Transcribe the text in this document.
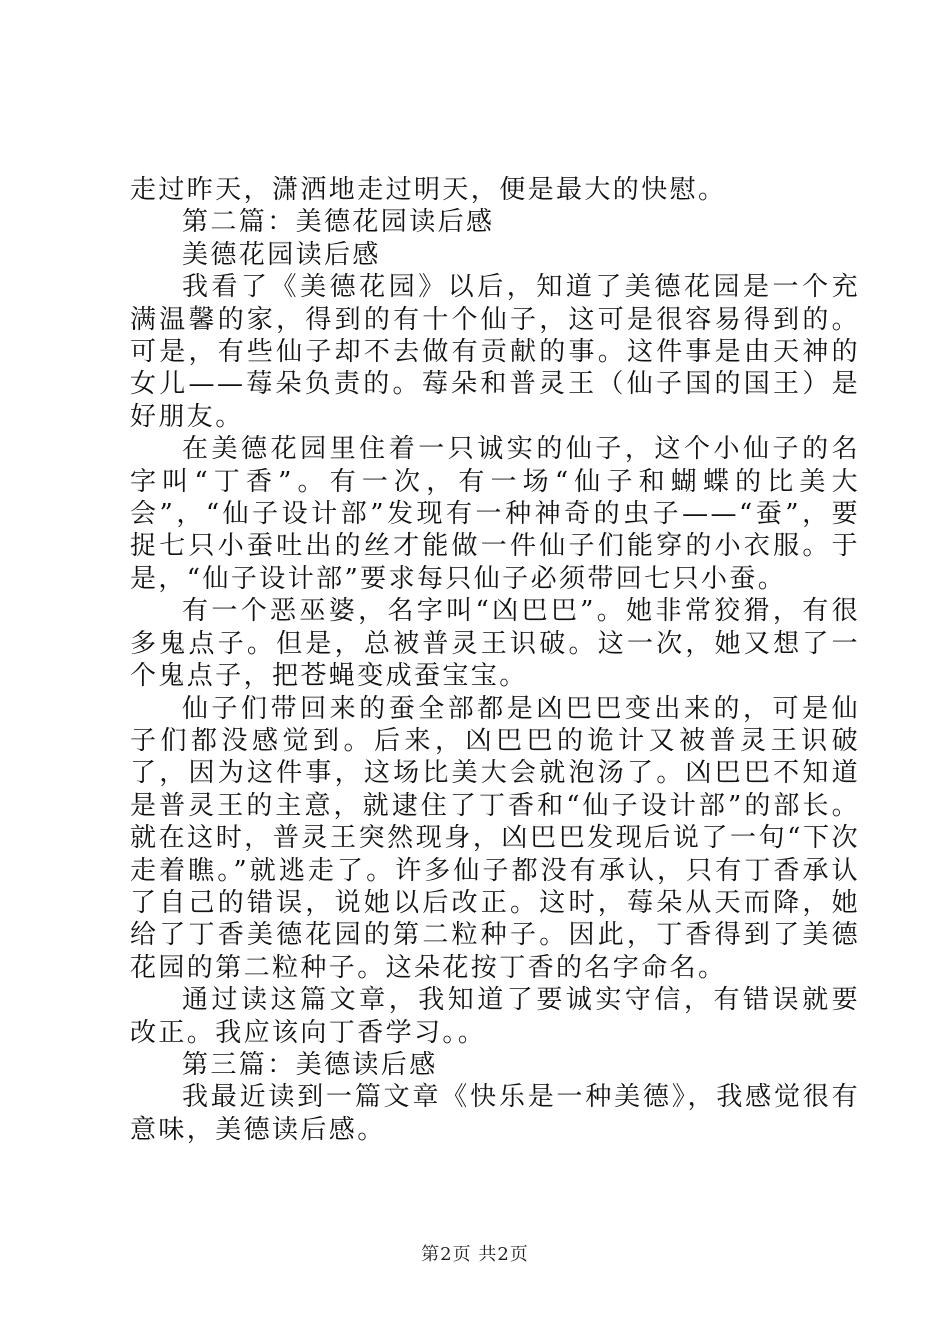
走过昨天，潇洒地走过明天，便是最大的快慰。

第二篇：美德花园读后感

美德花园读后感

我看了《美德花园》以后，知道了美德花园是一个充满温馨的家，得到的有十个仙子，这可是很容易得到的。可是，有些仙子却不去做有贡献的事。这件事是由天神的女儿——莓朵负责的。莓朵和普灵王（仙子国的国王）是好朋友。

在美德花园里住着一只诚实的仙子，这个小仙子的名字叫“丁香”。有一次，有一场“仙子和蝴蝶的比美大会”，“仙子设计部”发现有一种神奇的虫子——“蚕”，要捉七只小蚕吐出的丝才能做一件仙子们能穿的小衣服。于是，“仙子设计部”要求每只仙子必须带回七只小蚕。

有一个恶巫婆，名字叫“凶巴巴”。她非常狡猾，有很多鬼点子。但是，总被普灵王识破。这一次，她又想了一个鬼点子，把苍蝇变成蚕宝宝。

仙子们带回来的蚕全部都是凶巴巴变出来的，可是仙子们都没感觉到。后来，凶巴巴的诡计又被普灵王识破了，因为这件事，这场比美大会就泡汤了。凶巴巴不知道是普灵王的主意，就逮住了丁香和“仙子设计部”的部长。就在这时，普灵王突然现身，凶巴巴发现后说了一句“下次走着瞧。”就逃走了。许多仙子都没有承认，只有丁香承认了自己的错误，说她以后改正。这时，莓朵从天而降，她给了丁香美德花园的第二粒种子。因此，丁香得到了美德花园的第二粒种子。这朵花按丁香的名字命名。

通过读这篇文章，我知道了要诚实守信，有错误就要改正。我应该向丁香学习。。

第三篇：美德读后感

我最近读到一篇文章《快乐是一种美德》，我感觉很有意味，美德读后感。

第2页 共2页
